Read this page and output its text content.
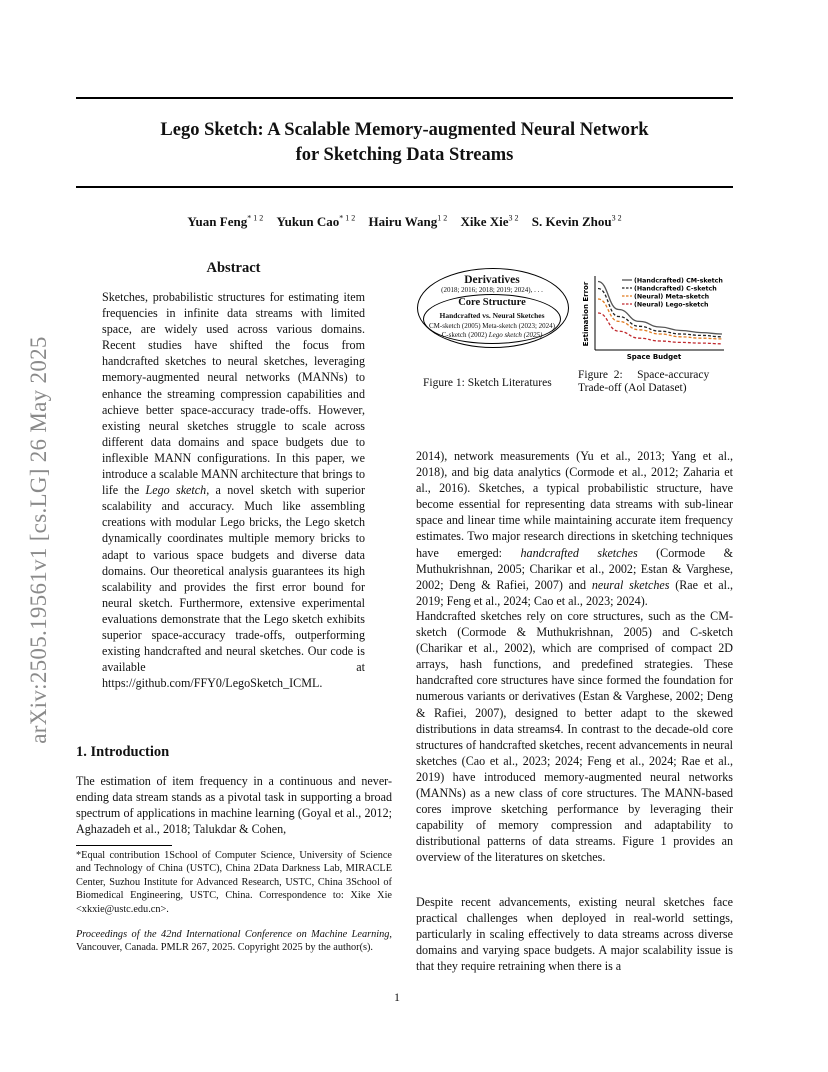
Lego Sketch: A Scalable Memory-augmented Neural Network
for Sketching Data Streams
Yuan Feng$^{* 1 2}$ Yukun Cao$^{* 1 2}$ Hairu Wang$^{1 2}$ Xike Xie$^{3 2}$ S. Kevin Zhou$^{3 2}$
arXiv:2505.19561v1 [cs.LG] 26 May 2025
Abstract
Sketches, probabilistic structures for estimating item frequencies in infinite data streams with limited space, are widely used across various domains. Recent studies have shifted the focus from handcrafted sketches to neural sketches, leveraging memory-augmented neural networks (MANNs) to enhance the streaming compression capabilities and achieve better space-accuracy trade-offs. However, existing neural sketches struggle to scale across different data domains and space budgets due to inflexible MANN configurations. In this paper, we introduce a scalable MANN architecture that brings to life the Lego sketch, a novel sketch with superior scalability and accuracy. Much like assembling creations with modular Lego bricks, the Lego sketch dynamically coordinates multiple memory bricks to adapt to various space budgets and diverse data domains. Our theoretical analysis guarantees its high scalability and provides the first error bound for neural sketch. Furthermore, extensive experimental evaluations demonstrate that the Lego sketch exhibits superior space-accuracy trade-offs, outperforming existing handcrafted and neural sketches. Our code is available at https://github.com/FFY0/LegoSketch_ICML.
1. Introduction
The estimation of item frequency in a continuous and never-ending data stream stands as a pivotal task in supporting a broad spectrum of applications in machine learning (Goyal et al., 2012; Aghazadeh et al., 2018; Talukdar & Cohen,
*Equal contribution 1School of Computer Science, University of Science and Technology of China (USTC), China 2Data Darkness Lab, MIRACLE Center, Suzhou Institute for Advanced Research, USTC, China 3School of Biomedical Engineering, USTC, China. Correspondence to: Xike Xie <xkxie@ustc.edu.cn>.
Proceedings of the 42nd International Conference on Machine Learning, Vancouver, Canada. PMLR 267, 2025. Copyright 2025 by the author(s).
Derivatives
(2018; 2016; 2018; 2019; 2024), . . .
Core Structure
Handcrafted vs. Neural Sketches
CM-sketch (2005) Meta-sketch (2023; 2024)
C-sketch (2002) Lego sketch (2025)
Figure 1: Sketch Literatures
Estimation Error
Space Budget
(Handcrafted) CM-sketch
(Handcrafted) C-sketch
(Neural) Meta-sketch
(Neural) Lego-sketch
Figure  2:     Space-accuracy
Trade-off (Aol Dataset)
2014), network measurements (Yu et al., 2013; Yang et al., 2018), and big data analytics (Cormode et al., 2012; Zaharia et al., 2016). Sketches, a typical probabilistic structure, have become essential for representing data streams with sub-linear space and linear time while maintaining accurate item frequency estimates. Two major research directions in sketching techniques have emerged: handcrafted sketches (Cormode & Muthukrishnan, 2005; Charikar et al., 2002; Estan & Varghese, 2002; Deng & Rafiei, 2007) and neural sketches (Rae et al., 2019; Feng et al., 2024; Cao et al., 2023; 2024).
Handcrafted sketches rely on core structures, such as the CM-sketch (Cormode & Muthukrishnan, 2005) and C-sketch (Charikar et al., 2002), which are comprised of compact 2D arrays, hash functions, and predefined strategies. These handcrafted core structures have since formed the foundation for numerous variants or derivatives (Estan & Varghese, 2002; Deng & Rafiei, 2007), designed to better adapt to the skewed distributions in data streams4. In contrast to the decade-old core structures of handcrafted sketches, recent advancements in neural sketches (Cao et al., 2023; 2024; Feng et al., 2024; Rae et al., 2019) have introduced memory-augmented neural networks (MANNs) as a new class of core structures. The MANN-based cores improve sketching performance by leveraging their capability of memory compression and adaptability to distributional patterns of data streams. Figure 1 provides an overview of the literatures on sketches.
Despite recent advancements, existing neural sketches face practical challenges when deployed in real-world settings, particularly in scaling effectively to data streams across diverse domains and varying space budgets. A major scalability issue is that they require retraining when there is a
1
